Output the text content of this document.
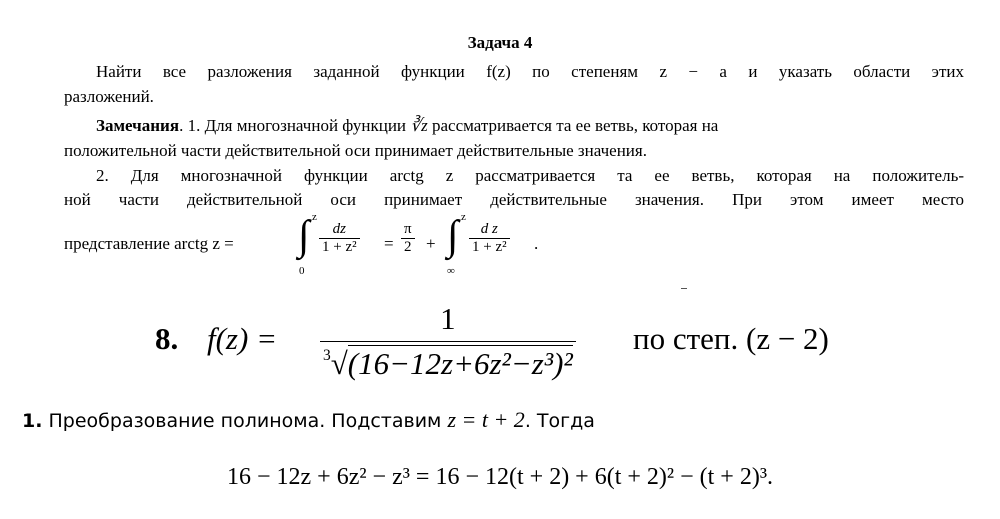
Задача 4
Найти все разложения заданной функции f(z) по степеням z − a и указать области этих
разложений.
Замечания. 1. Для многозначной функции ∛z рассматривается та ее ветвь, которая на
положительной части действительной оси принимает действительные значения.
2. Для многозначной функции arctg z рассматривается та ее ветвь, которая на положитель-
ной части действительной оси принимает действительные значения. При этом имеет место
представление arctg z = ∫ z
0
$\frac{dz}{\text{1 + z²}} = \frac{\pi}{2}$ + ∫ z
∞
$\frac{\text{d z}}{\text{1 + z²}}$ .
8. $f(z) = \frac{1}{^3√(16-12z+6z^2-z^3)^2}$ по степ. (z − 2)
1. Преобразование полинома. Подставим z = t + 2. Тогда
16 − 12z + 6z² − z³ = 16 − 12(t + 2) + 6(t + 2)² − (t + 2)³.
